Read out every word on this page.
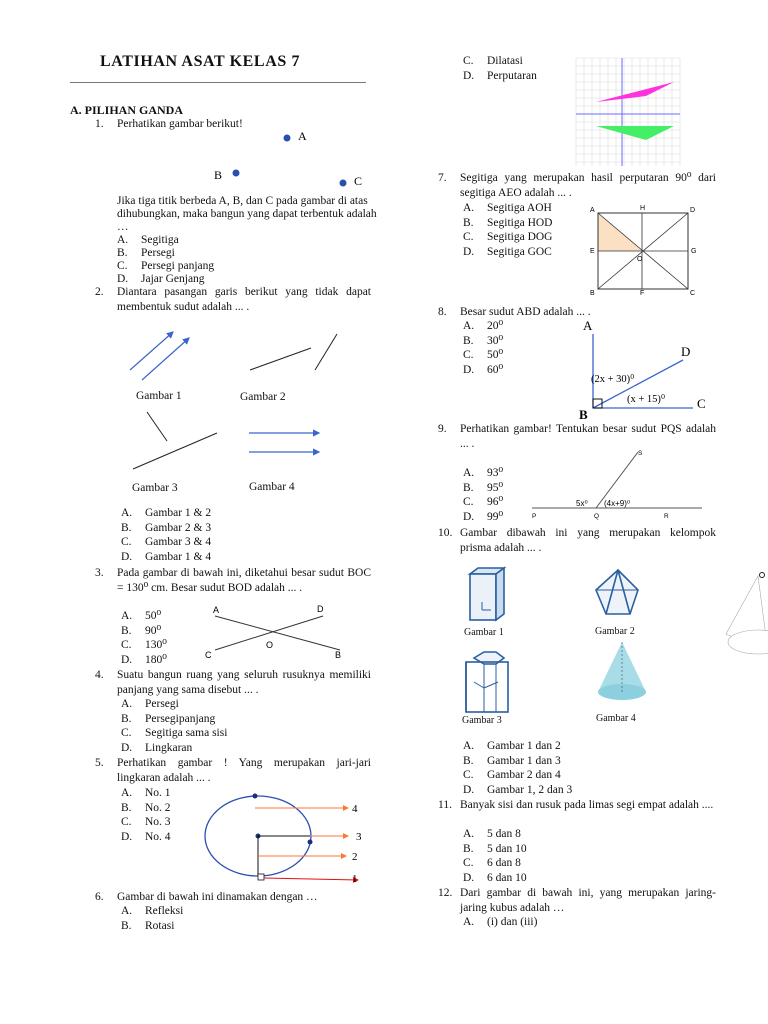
LATIHAN ASAT KELAS 7
A. PILIHAN GANDA
1. Perhatikan gambar berikut!
A
B	C
Jika tiga titik berbeda A, B, dan C pada gambar di atas dihubungkan, maka bangun yang dapat terbentuk adalah …
A. Segitiga
B. Persegi
C. Persegi panjang
D. Jajar Genjang
2. Diantara pasangan garis berikut yang tidak dapat membentuk sudut adalah ... .
Gambar 1	Gambar 2
Gambar 3	Gambar 4
A. Gambar 1 & 2
B. Gambar 2 & 3
C. Gambar 3 & 4
D. Gambar 1 & 4
3. Pada gambar di bawah ini, diketahui besar sudut BOC = 130⁰ cm. Besar sudut BOD adalah ... .
A. 50⁰
B. 90⁰
C. 130⁰
D. 180⁰
A	D
O
C	B
4. Suatu bangun ruang yang seluruh rusuknya memiliki panjang yang sama disebut ... .
A. Persegi
B. Persegipanjang
C. Segitiga sama sisi
D. Lingkaran
5. Perhatikan gambar ! Yang merupakan jari-jari lingkaran adalah ... .
A. No. 1
B. No. 2
C. No. 3
D. No. 4
4
3
2
1
6. Gambar di bawah ini dinamakan dengan …
A. Refleksi
B. Rotasi
C. Dilatasi
D. Perputaran
7. Segitiga yang merupakan hasil perputaran 90⁰ dari segitiga AEO adalah ... .
A. Segitiga AOH
B. Segitiga HOD
C. Segitiga DOG
D. Segitiga GOC
A	H	D
E	G
O
B	F	C
8. Besar sudut ABD adalah ... .
A. 20⁰
B. 30⁰
C. 50⁰
D. 60⁰
A
D
B
C
(2x + 30)⁰
(x + 15)⁰
9. Perhatikan gambar! Tentukan besar sudut PQS adalah ... .
A. 93⁰
B. 95⁰
C. 96⁰
D. 99⁰
S
P	Q	R
5x⁰ (4x+9)⁰
10. Gambar dibawah ini yang merupakan kelompok prisma adalah ... .
Gambar 1	Gambar 2
Gambar 3	Gambar 4
A. Gambar 1 dan 2
B. Gambar 1 dan 3
C. Gambar 2 dan 4
D. Gambar 1, 2 dan 3
11. Banyak sisi dan rusuk pada limas segi empat adalah ....
A. 5 dan 8
B. 5 dan 10
C. 6 dan 8
D. 6 dan 10
12. Dari gambar di bawah ini, yang merupakan jaring-jaring kubus adalah …
A. (i) dan (iii)
